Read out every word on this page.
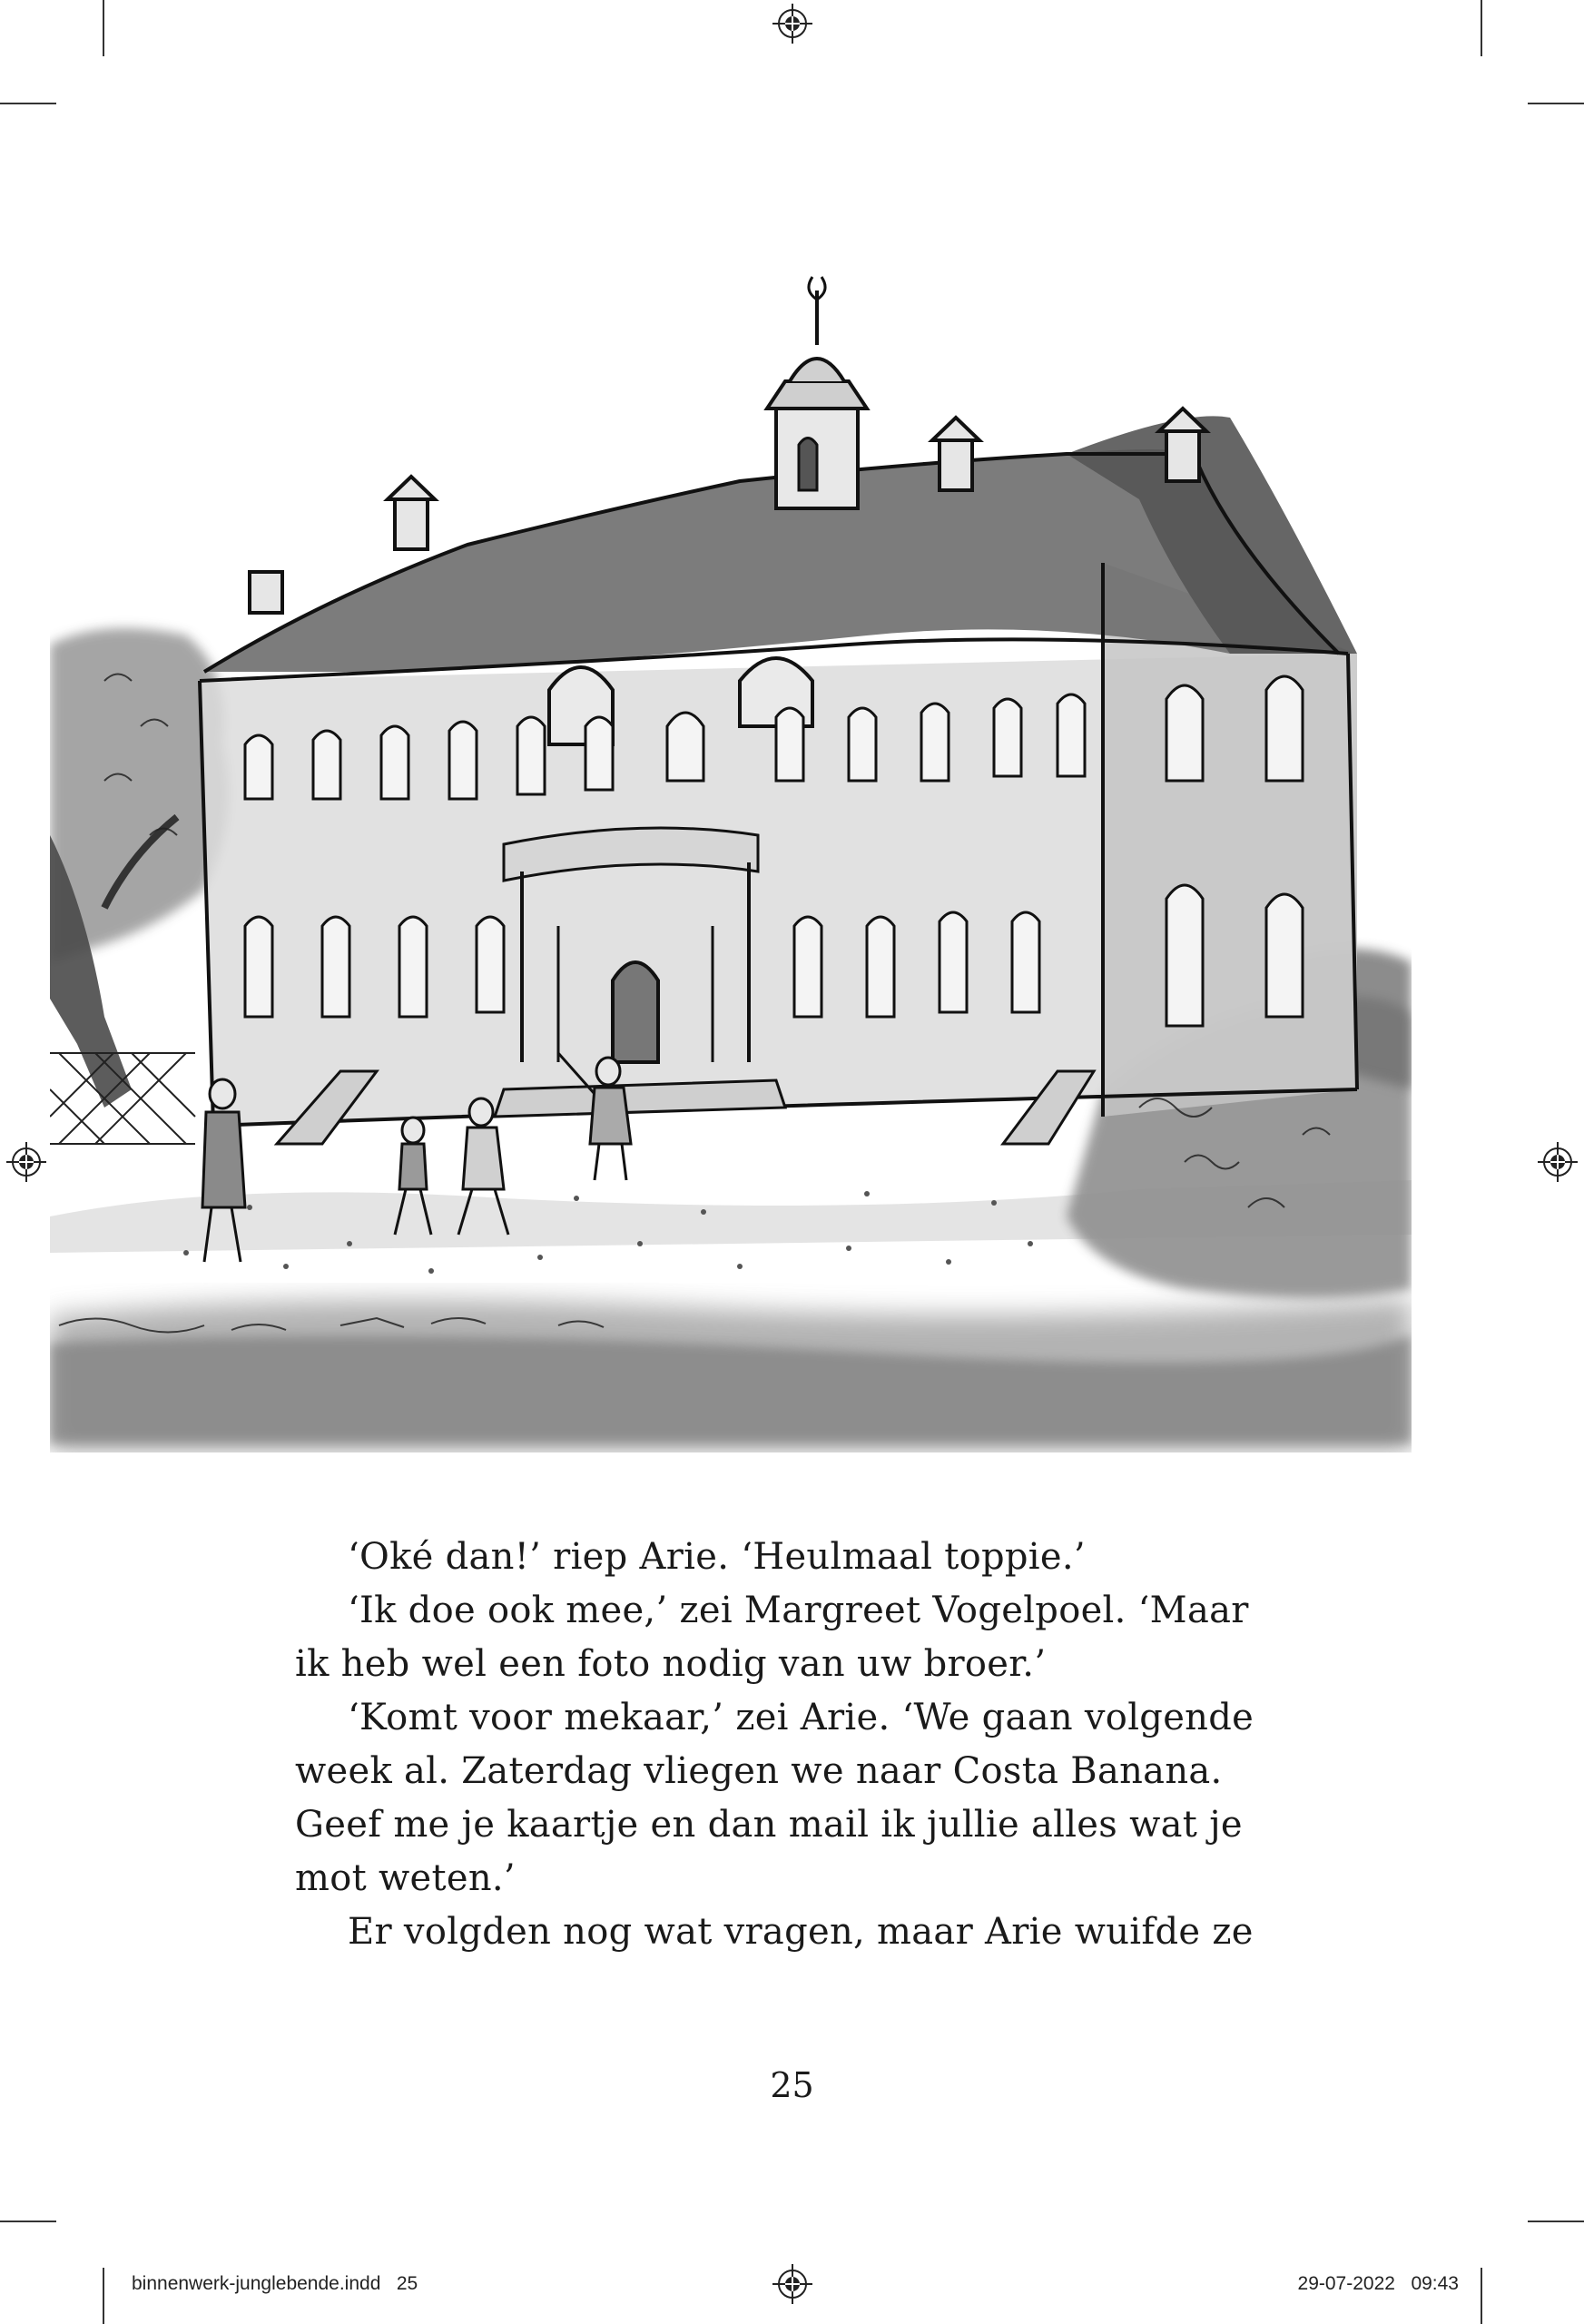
‘Oké dan!’ riep Arie. ‘Heulmaal toppie.’

‘Ik doe ook mee,’ zei Margreet Vogelpoel. ‘Maar ik heb wel een foto nodig van uw broer.’

‘Komt voor mekaar,’ zei Arie. ‘We gaan volgende week al. Zaterdag vliegen we naar Costa Banana. Geef me je kaartje en dan mail ik jullie alles wat je mot weten.’

Er volgden nog wat vragen, maar Arie wuifde ze

25
binnenwerk-junglebende.indd   25	29-07-2022   09:43
